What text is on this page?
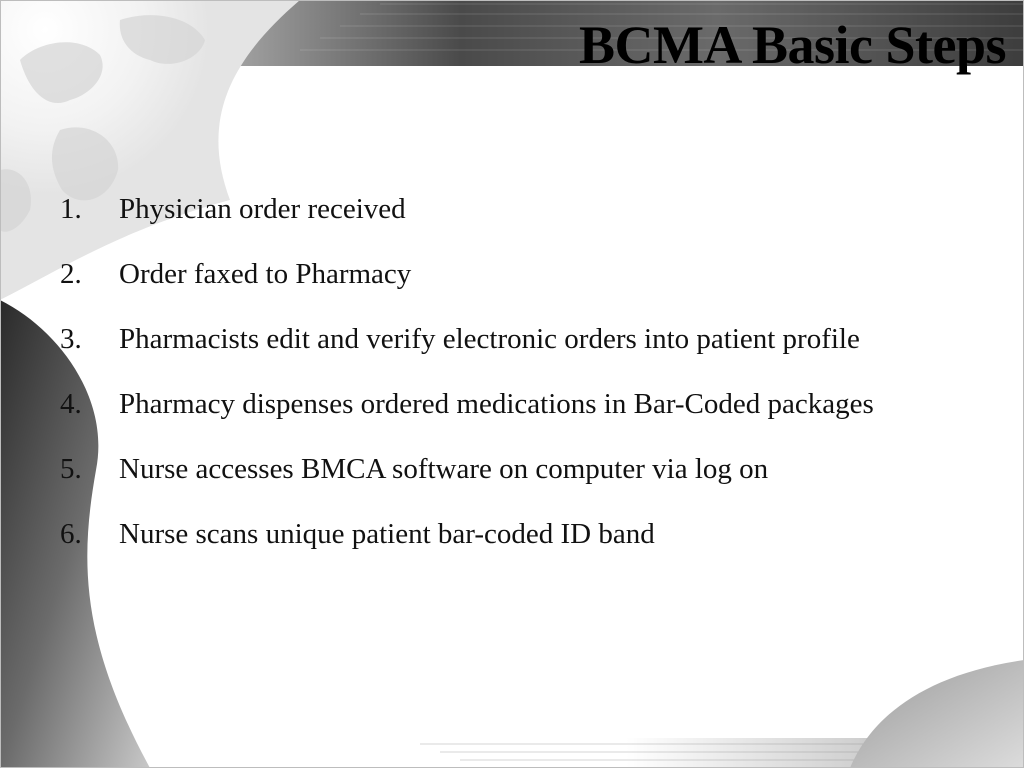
BCMA Basic Steps
1.	Physician order received
2.	Order faxed to Pharmacy
3.	Pharmacists edit and verify electronic orders into patient profile
4.	Pharmacy dispenses ordered medications in Bar-Coded packages
5.	Nurse accesses BMCA software on computer via log on
6.	Nurse scans unique patient bar-coded ID band
